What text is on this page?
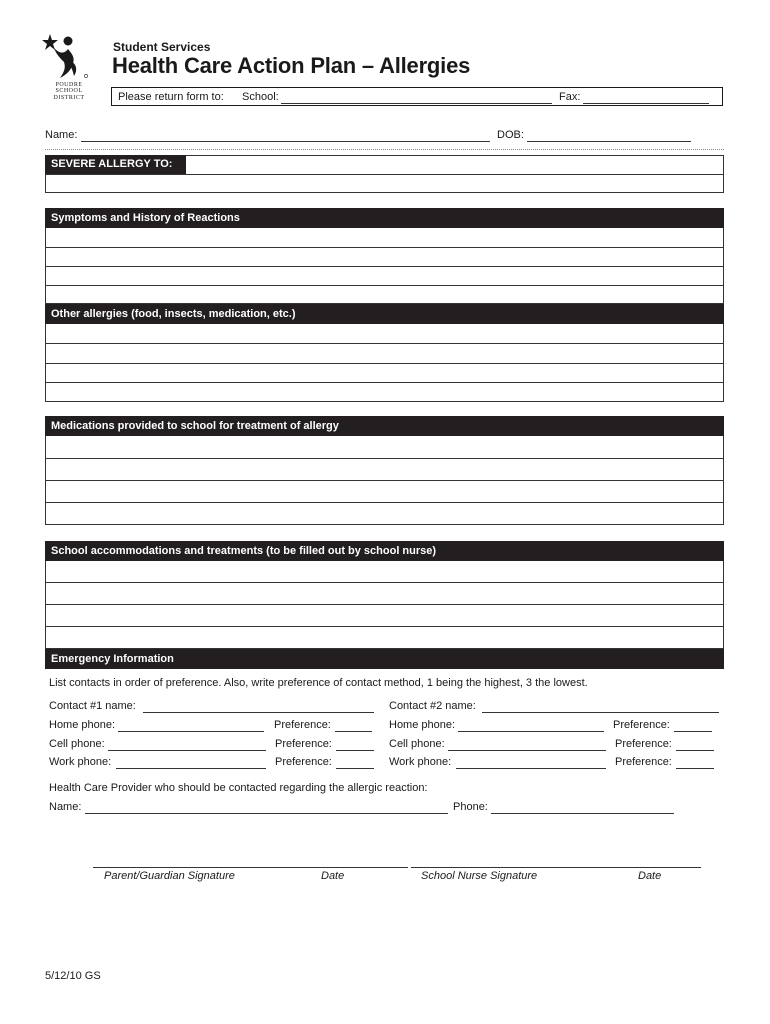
POUDRE
SCHOOL
DISTRICT
Student Services
Health Care Action Plan – Allergies
Please return form to: School:	Fax:
Name:	DOB:
SEVERE ALLERGY TO:
Symptoms and History of Reactions
Other allergies (food, insects, medication, etc.)
Medications provided to school for treatment of allergy
School accommodations and treatments (to be filled out by school nurse)
Emergency Information
List contacts in order of preference. Also, write preference of contact method, 1 being the highest, 3 the lowest.
Contact #1 name:
Home phone:	Preference:
Cell phone:	Preference:
Work phone:	Preference:
Contact #2 name:
Home phone:	Preference:
Cell phone:	Preference:
Work phone:	Preference:
Health Care Provider who should be contacted regarding the allergic reaction:
Name:	Phone:
Parent/Guardian Signature	Date	School Nurse Signature	Date
5/12/10 GS
